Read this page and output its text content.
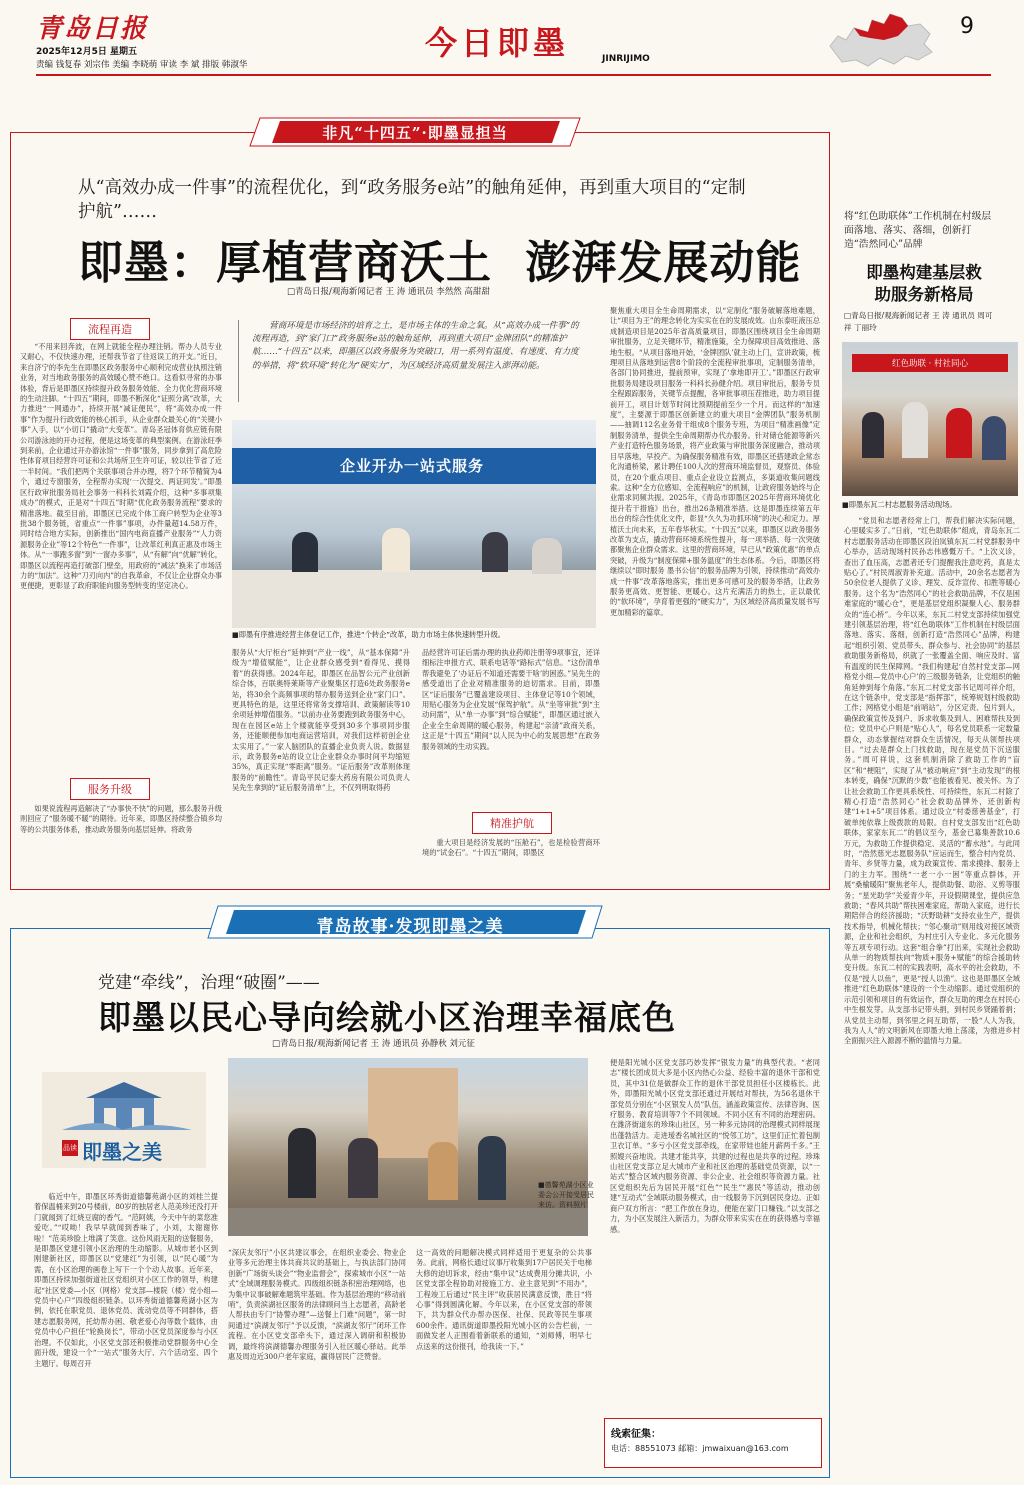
青岛日报
2025年12月5日 星期五
责编 钱复春 刘宗伟 美编 李晓萌 审读 李 斌 排版 韩淑华
今日即墨	JINRIJIMO
9
非凡“十四五”·即墨显担当
从“高效办成一件事”的流程优化，到“政务服务e站”的触角延伸，再到重大项目的“定制护航”……
即墨：厚植营商沃土  澎湃发展动能
□青岛日报/观海新闻记者 王 涛 通讯员 李然然 高甜甜
流程再造
“不用来回奔波，在网上就能全程办理注销。帮办人员专业又耐心，不仅快速办理，还帮我节省了往返误工的开支。”近日，来自济宁的李先生在即墨区政务服务中心顺利完成营业执照注销业务，对当地政务服务的高效暖心赞不绝口。这看似寻常的办事体验，背后是即墨区持续提升政务服务效能、全力优化营商环境的生动注脚。“十四五”期间，即墨不断深化“证照分离”改革，大力推进“一网通办”，持续开展“减证便民”，将“高效办成一件事”作为提升行政效能的核心抓手，从企业群众最关心的“关键小事”入手，以“小切口”撬动“大变革”。青岛圣冠体育供应链有限公司游泳池的开办过程，便是这场变革的典型案例。在游泳旺季到来前，企业通过开办游泳馆“一件事”服务，同步拿到了高危险性体育项目经营许可证和公共场所卫生许可证，较以往节省了近一半时间。“我们把两个关联事项合并办理，将7个环节精简为4个，通过专窗服务，全程帮办实现‘一次提交、两证同发’。”即墨区行政审批服务局社会事务一科科长刘霞介绍，这种“多事项集成办”的模式，正是对“十四五”时期“优化政务服务流程”要求的精准落地。截至目前，即墨区已完成个体工商户转型为企业等3批38个服务链，省重点“一件事”事项，办件量超14.58万件，同时结合地方实际，创新推出“国内电商直播产业服务”“人力资源服务企业”等12个特色“一件事”，让改革红利真正惠及市场主体。从“一事跑多窗”到“一窗办多事”，从“有解”向“优解”转化，即墨区以流程再造打破部门壁垒，用政府的“减法”换来了市场活力的“加法”。这种“刀刃向内”的自我革命，不仅让企业群众办事更便捷，更彰显了政府职能向服务型转变的坚定决心。
服务升级
如果说流程再造解决了“办事快不快”的问题，那么服务升级则回应了“服务暖不暖”的期待。近年来，即墨区持续整合镇乡均等的公共服务体系，推动政务服务向基层延伸。将政务
营商环境是市场经济的培育之土，是市场主体的生命之氧。从“高效办成一件事”的流程再造，到“家门口”政务服务e站的触角延伸，再到重大项目“金牌团队”的精准护航……“十四五”以来，即墨区以政务服务为突破口，用一系列有温度、有速度、有力度的举措，将“软环境”转化为“硬实力”，为区域经济高质量发展注入澎湃动能。
企业开办一站式服务
■即墨有序推进经营主体登记工作，推进“个转企”改革，助力市场主体快速转型升级。
服务从“大厅柜台”延伸到“产业一线”，从“基本保障”升级为“增值赋能”，让企业群众感受到“看得见、摸得着”的获得感。2024年起，即墨区在品智公元产业创新综合体，百联奥特莱斯等产业聚集区打造6处政务服务e站，将30余个高频事项的帮办服务送到企业“家门口”。更具特色的是，这里还将常务支撑培训、政策解读等10余项延伸增值服务。“以前办业务要跑到政务服务中心，现在在园区e站上个楼就能享受到30多个事项同步服务，还能顺便参加电商运营培训，对我们这样初创企业太实用了。”一家人脑团队的直播企业负责人说。数据显示，政务服务e站的设立让企业群众办事时间平均缩短35%，真正实现“零距离”服务。“证后服务”改革则体现服务的“前瞻性”。青岛平民记泰大药房有限公司负责人吴先生拿到的“证后服务清单”上，不仅列明取得药
品经营许可证后需办理的执业药师注册等9项事宜，还详细标注申报方式、联系电话等“路标式”信息。“这份清单帮我避免了‘办证后不知道还需要干啥’的困惑。”吴先生的感受道出了企业对精准服务的迫切需求。目前，即墨区“证后服务”已覆盖建设项目、主体登记等10个领域，用贴心服务为企业发展“保驾护航”。从“坐等审批”到“主动问需”，从“单一办事”到“综合赋能”，即墨区通过嵌入企业全生命周期的暖心服务，构建起“亲清”政商关系，这正是“十四五”期间“以人民为中心的发展思想”在政务服务领域的生动实践。
精准护航
重大项目是经济发展的“压舱石”，也是检验营商环境的“试金石”。“十四五”期间，即墨区
聚焦重大项目全生命周期需求，以“定制化”服务破解落地难题，让“项目为王”的理念转化为实实在在的发展成效。山东泰旺液压总成制造项目是2025年省高质量项目，即墨区围绕项目全生命周期审批服务，立足关键环节，精准施策，全力保障项目高效推进、落地生根。“从项目落地开始，‘金牌团队’就主动上门，宣讲政策，梳理项目从落地到运营8个阶段的全流程审批事项，定制服务清单，各部门协同推进，提前预审，实现了‘拿地即开工’。”即墨区行政审批服务局建设项目服务一科科长孙健介绍。项目审批后，服务专员全程跟踪服务，关键节点提醒，各审批事项压茬推进，助力项目提前开工，项目计划节时间比预期提前至少一个月。而这样的“加速度”，主要源于即墨区创新建立的重大项目“金牌团队”服务机制——抽调112名业务骨干组成8个服务专班，为项目“精准画像”定制服务清单，提供全生命周期帮办代办服务。针对储仓能源等新兴产业打造特色服务场景，将产业政策与审批服务深度融合，推动项目早落地，早投产。为确保服务精准有效，即墨区还搭建政企常态化沟通桥梁，累计聘任100人次的营商环境监督员，观察员、体验员，在20个重点项目、重点企业设立监测点，多渠道收集问题线索。这种“全方位感知、全流程响应”的机制，让政府服务始终与企业需求同频共振。2025年，《青岛市即墨区2025年营商环境优化提升若干措施》出台，推出26条精准举措。这是即墨连续第五年出台的综合性优化文件，彰显“久久为功抓环境”的决心和定力。厚植沃土向未来，五年春华秋实。“十四五”以来，即墨区以政务服务改革为支点，撬动营商环境系统性提升，每一项举措、每一次突破都聚焦企业群众需求。这里的营商环境，早已从“政策优惠”的单点突破，升级为“制度保障+服务温度”的生态体系。今后，即墨区将继续以“即时服务 墨书公信”的服务品牌为引领，持续推动“高效办成一件事”改革落地落实，推出更多可感可及的服务举措，让政务服务更高效、更智能、更暖心。这片充满活力的热土，正以最优的“软环境”，孕育着更强的“硬实力”，为区域经济高质量发展书写更加精彩的篇章。
将“红色助联体”工作机制在村级层面落地、落实、落细，创新打造“浩然同心”品牌
即墨构建基层救助服务新格局
□青岛日报/观海新闻记者 王 涛 通讯员 周可祥 丁丽玲
红色助联 · 村社同心
■即墨东瓦二村志愿服务活动现场。
“党员和志愿者经常上门，帮我们解决实际问题，心里暖实多了。”日前，“红色助联体”组成，青岛东瓦二村志愿服务活动在即墨区段泊岚镇东瓦二村党群服务中心举办，活动现场村民孙志伟感慨万千。“上次义诊，查出了血压高，志愿者还专门提醒我注意吃药，真是太贴心了。”村民周淑青补充道。活动中，20余名志愿者为50余位老人提供了义诊、理发、反诈宣传、扣胜等暖心服务。这个名为“浩然同心”的社会救助品牌，不仅是困难家庭的“暖心仓”，更是基层党组织凝聚人心、服务群众的“连心桥”。今年以来，东瓦二村党支部持续加强党建引领基层治理，将“红色助联体”工作机制在村级层面落地、落实、落细，创新打造“浩然同心”品牌，构建起“组织引领、党员带头、群众参与、社会协同”的基层救助服务新格局，织就了一张覆盖全面、响应及时、富有温度的民生保障网。“我们构建起‘自然村党支部—网格党小组—党员中心户’的三级服务链条，让党组织的触角延伸到每个角落。”东瓦二村党支部书记周可祥介绍，在这个链条中，党支部是“指挥部”，统筹规划村级救助工作；网格党小组是“前哨站”，分区定责、包片到人，确保政策宣传及到户、诉求收集及到人、困难帮扶及到位；党员中心户则是“贴心人”，每名党员联系一定数量群众，动态掌握结对群众生活情况，每天从领帮扶项目。“过去是群众上门找救助，现在是党员下沉送服务。”周可祥说，这套机制消除了救助工作的“盲区”和“梗阻”，实现了从“被动响应”到“主动发现”的根本转变，确保“沉默的少数”也能被看见、被关怀。为了让社会救助工作更具系统性、可持续性，东瓦二村除了精心打造“浩然同心”社会救助品牌外，还创新构建“1+1+5”项目体系。通过设立“村委慈善基金”，打破单纯依靠上级拨款的局限。自村党支部发出“红色助联体，家家东瓦二”的倡议至今，基金已募集善款10.6万元，为救助工作提供稳定、灵活的“蓄水池”。与此同时，“浩然慈光志愿服务队”应运而生，整合村内党员、青年、乡贤等力量，成为政策宣传、需求摸排、服务上门的主力军。围绕“一老一小一困”等重点群体，开展“桑榆暖阳”聚焦老年人，提供助餐、助浴、义剪等服务；“星光助学”关爱青少年，开设假期课堂，提供应急救助；“春风共助”帮扶困难家庭，帮助入家庭，进行长期陪伴合的经济援助；“沃野助耕”支持农业生产，提供技术指导，机械化帮扶；“邻心聚动”则用线对接区域资源，企业和社会组织，为村庄引入专业化、多元化服务等五项专项行动。这套“组合拳”打出来，实现社会救助从单一的物质帮扶向“物质+服务+赋能”的综合援助转变升级。东瓦二村的实践表明，高水平的社会救助，不仅是“授人以鱼”，更是“授人以渔”。这也是即墨区全域推进“红色助联体”建设的一个生动缩影。通过党组织的示范引领和项目的有效运作，群众互助的理念在村民心中生根发芽。从支部书记带头捐，到村民乡贤踊着捐；从党员主动帮，到邻里之间互助帮，一股“人人为我，我为人人”的文明新风在即墨大地上荡漾，为推进乡村全面振兴注入源源不断的温情与力量。
青岛故事·发现即墨之美
党建“牵线”，治理“破圈”——
即墨以民心导向绘就小区治理幸福底色
□青岛日报/观海新闻记者 王 涛 通讯员 孙静秋 刘元征
品读 即墨之美
临近中午，即墨区环秀街道德馨苑湖小区的刘桂兰提着保温桶来到20号楼前，80岁的独居老人范美珍还没打开门就闻到了红烧豆腐的香气。“范阿姨，今天中午的菜您准爱吃。”“哎呦！我早早就闻到香味了，小刘，太谢谢你啦！”范美珍脸上堆满了笑意。这份风雨无阻的送餐服务，是即墨区党建引领小区治理的生动缩影。从城市老小区到刚建新社区，即墨区以“党建红”为引领，以“民心暖”为需，在小区治理的画卷上写下一个个动人故事。近年来，即墨区持续加强街道社区党组织对小区工作的领导，构建起“社区党委—小区（网格）党支部—楼院（楼）党小组—党员中心户”四级组织链条。以环秀街道德馨苑湖小区为例，依托在职党员、退休党员、流动党员等不同群体，搭建志愿服务网，托幼帮办困、敬老爱心沟等数个载体，由党员中心户担任“轮换岗长”，带动小区党员深度参与小区治理。不仅如此，小区党支部还积极推动党群服务中心全面升级，建设一个“一站式”服务大厅、六个活动室、四个主题厅。每周召开
■德馨苑湖小区业委会公开接受居民来访。资料照片
“深庆友邻厅”小区共建议事会，在组织业委会、物业企业等多元治理主体共商共议的基础上，与执法部门协同创新“广场街头谈会”“物业监督会”，探索城市小区“一站式”全域调理服务模式。四级组织链条积密治理网络，也为集中议事破解难题筑牢基础。作为基层治理的“移动前哨”，负责滨湖社区服务的法律顾问当上志愿者，高龄老人帮扶由专门“协警办理”—送餐上门难“问题”，第一时间通过“滨湖友邻厅”予以反馈，“滨湖友邻厅”闭环工作流程。在小区党支部牵头下，通过深入调研和积极协调，最终将滨湖德馨办理服务引入社区暖心驿站。此举惠及周边近300户老年家庭，赢得居民广泛赞誉。
这一高效的问题解决模式同样适用于更复杂的公共事务。此前，网格长通过议事厅收集到17户居民关于电梯大修的迫切诉求，经由“集中议”达成费用分摊共识，小区党支部全程协助对接施工方、业主意见到“不用办”，工程竣工后通过“民主评”收获居民满意反馈，胜日“将心事”得到圆满化解。今年以来，在小区党支部的带领下，共为群众代办帮办医保、社保、民政等民生事项600余件。通讯街道即墨投阳光城小区的公告栏前，一面做发老人正围看着新联系的通知，“刘师傅，明早七点送来的这份报刊，给我读一下。”
便是阳光城小区党支部巧妙发挥“银发力量”的典型代表。“老同志”楼长团成员大多是小区内热心公益、经验丰富的退休干部和党员，其中31位是做群众工作的退休干部党员担任小区楼栋长。此外，即墨阳光城小区党支部还通过开展结对帮扶，为56名退休干部党员分别在“小区银发人员”队伍，涵盖政策宣传、法律咨询、医疗服务、教育培训等7个不同领域。不同小区有不同的治理密码。在潍济街道东的珍珠山社区，另一种多元协同的治理模式同样展现出蓬勃活力。走进瑷香名城社区的“悦邻工坊”，这里们正忙着包制卫衣订单。“多亏小区党支部牵线，在家带娃也能月薪两千多。”王照嫂兴奋地说。共建才能共享，共建的过程也是共享的过程。珍珠山社区党支部立足大城市产业和社区治理的基础党员资源，以“一站式”整合区域内服务资源、非公企业、社会组织等资源力量。社区党组织先后为居民开展“红色”“民生”“惠民”等活动，推动创建“互动式”全域联动服务模式，由一线服务下沉到居民身边。正如商户双方所言：“把工作放在身边，便能在家门口赚钱。”以支部之力，为小区发展注入新活力，为群众带来实实在在的获得感与幸福感。
线索征集：
电话：88551073 邮箱：jmwaixuan@163.com
